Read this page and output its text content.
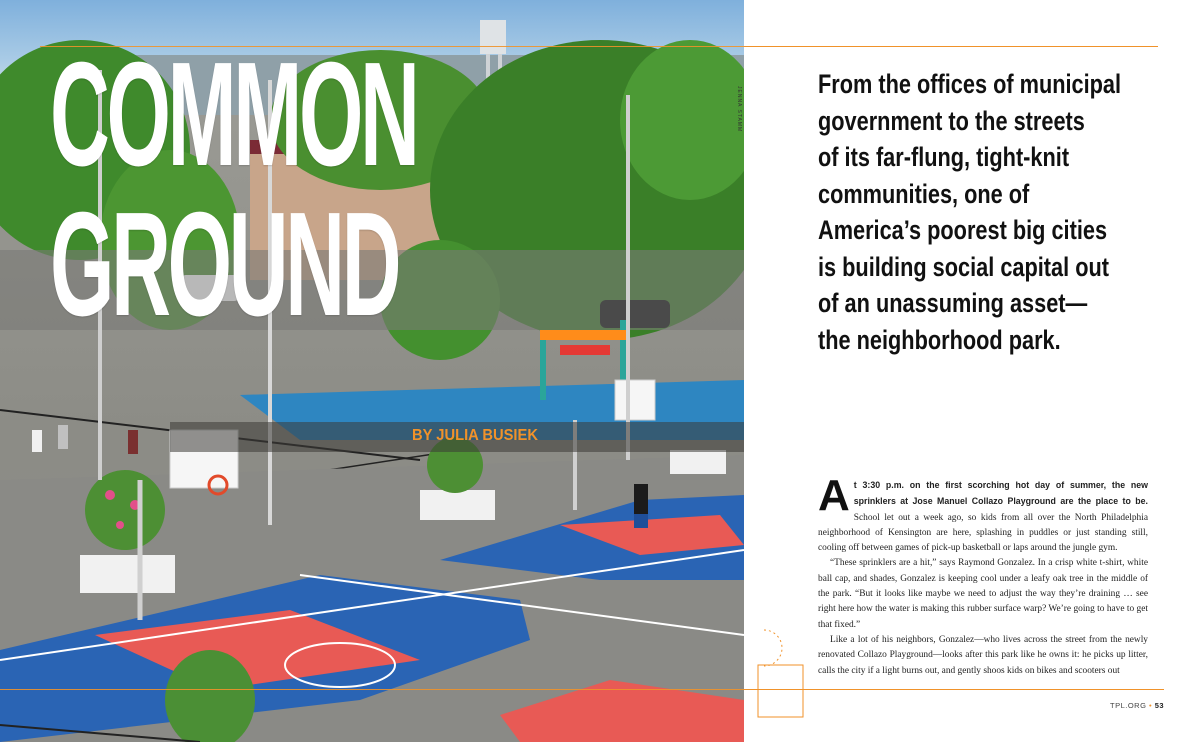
COMMON
GROUND
BY JULIA BUSIEK
JENNA STAMM
From the offices of municipal
government to the streets
of its far-flung, tight-knit
communities, one of
America’s poorest big cities
is building social capital out
of an unassuming asset—
the neighborhood park.

At 3:30 p.m. on the first scorching hot day of summer, the new sprinklers at Jose Manuel Collazo Playground are the place to be. School let out a week ago, so kids from all over the North Philadelphia neighborhood of Kensington are here, splashing in puddles or just standing still, cooling off between games of pick-up basketball or laps around the jungle gym.

“These sprinklers are a hit,” says Raymond Gonzalez. In a crisp white t-shirt, white ball cap, and shades, Gonzalez is keeping cool under a leafy oak tree in the middle of the park. “But it looks like maybe we need to adjust the way they’re draining … see right here how the water is making this rubber surface warp? We’re going to have to get that fixed.”

Like a lot of his neighbors, Gonzalez—who lives across the street from the newly renovated Collazo Playground—looks after this park like he owns it: he picks up litter, calls the city if a light burns out, and gently shoos kids on bikes and scooters out

TPL.ORG • 53
